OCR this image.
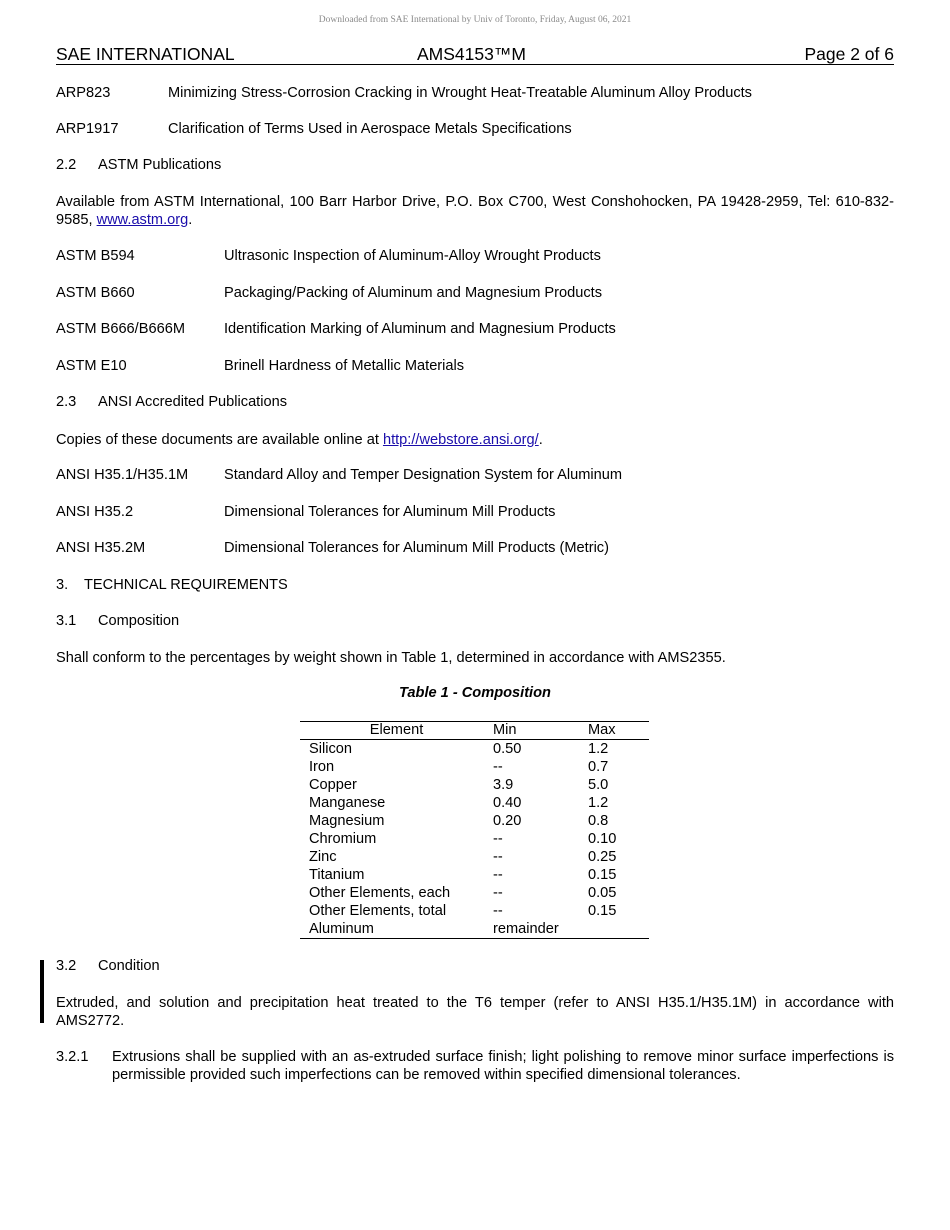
Downloaded from SAE International by Univ of Toronto, Friday, August 06, 2021
SAE INTERNATIONAL	AMS4153™M	Page 2 of 6
ARP823	Minimizing Stress-Corrosion Cracking in Wrought Heat-Treatable Aluminum Alloy Products
ARP1917	Clarification of Terms Used in Aerospace Metals Specifications
2.2 ASTM Publications
Available from ASTM International, 100 Barr Harbor Drive, P.O. Box C700, West Conshohocken, PA 19428-2959, Tel: 610-832-9585, www.astm.org.
ASTM B594	Ultrasonic Inspection of Aluminum-Alloy Wrought Products
ASTM B660	Packaging/Packing of Aluminum and Magnesium Products
ASTM B666/B666M	Identification Marking of Aluminum and Magnesium Products
ASTM E10	Brinell Hardness of Metallic Materials
2.3 ANSI Accredited Publications
Copies of these documents are available online at http://webstore.ansi.org/.
ANSI H35.1/H35.1M Standard Alloy and Temper Designation System for Aluminum
ANSI H35.2	Dimensional Tolerances for Aluminum Mill Products
ANSI H35.2M	Dimensional Tolerances for Aluminum Mill Products (Metric)
3. TECHNICAL REQUIREMENTS
3.1 Composition
Shall conform to the percentages by weight shown in Table 1, determined in accordance with AMS2355.
Table 1 - Composition
Element	Min	Max
Silicon	0.50	1.2
Iron	--	0.7
Copper	3.9	5.0
Manganese	0.40	1.2
Magnesium	0.20	0.8
Chromium	--	0.10
Zinc	--	0.25
Titanium	--	0.15
Other Elements, each	--	0.05
Other Elements, total	--	0.15
Aluminum	remainder	
3.2 Condition
Extruded, and solution and precipitation heat treated to the T6 temper (refer to ANSI H35.1/H35.1M) in accordance with AMS2772.
3.2.1 Extrusions shall be supplied with an as-extruded surface finish; light polishing to remove minor surface imperfections is permissible provided such imperfections can be removed within specified dimensional tolerances.
